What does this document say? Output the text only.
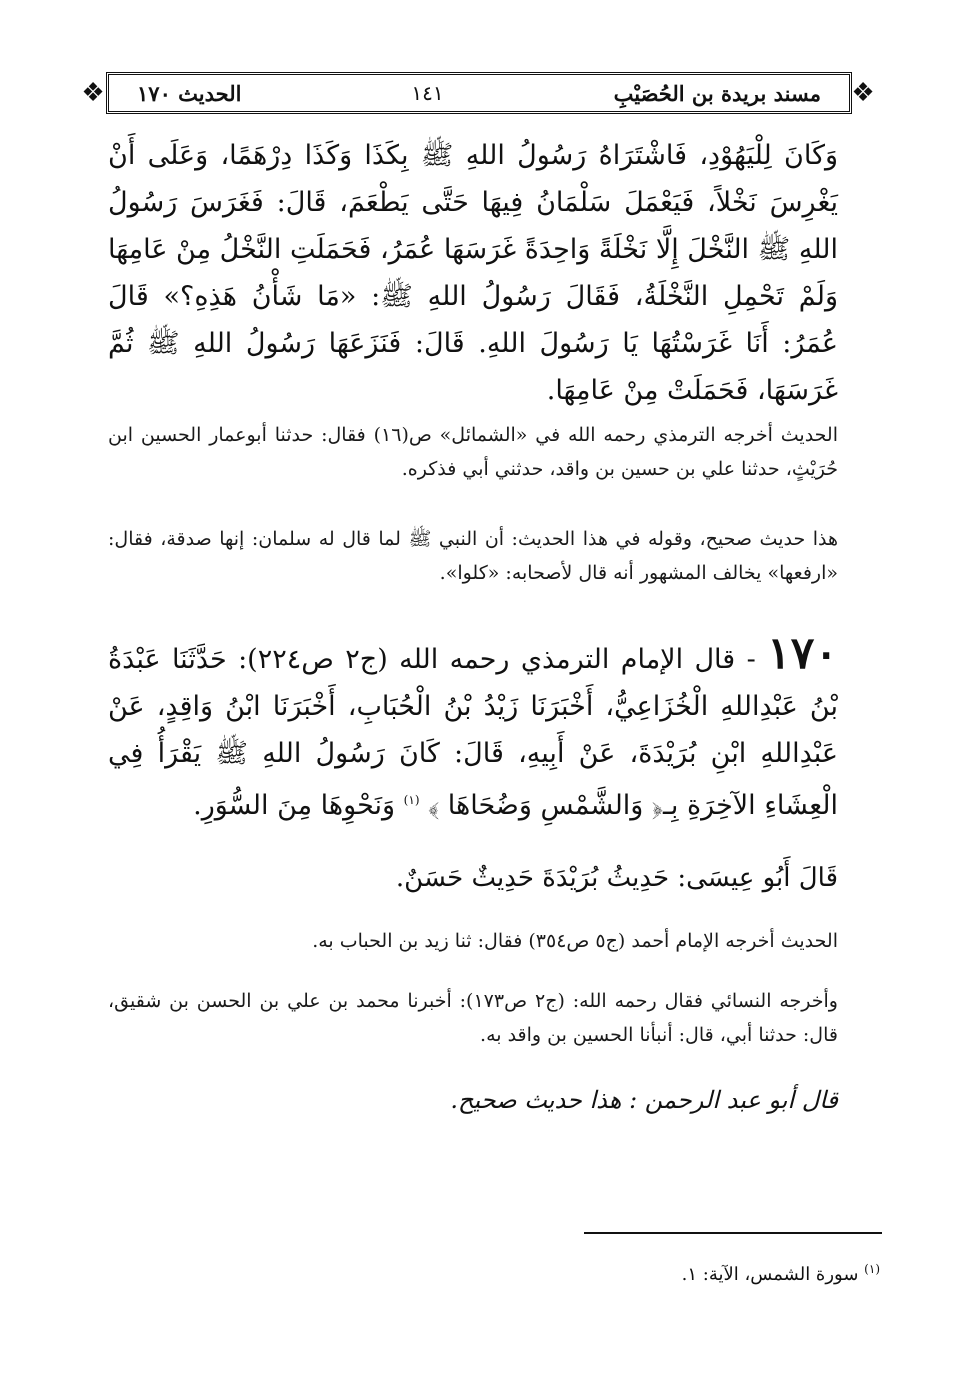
❖	❖
مسند بريدة بن الحُصَيْبِ
١٤١
الحديث ١٧٠
وَكَانَ لِلْيَهُوْدِ، فَاشْتَرَاهُ رَسُولُ اللهِ ﷺ بِكَذَا وَكَذَا دِرْهَمًا، وَعَلَى أَنْ يَغْرِسَ نَخْلاً، فَيَعْمَلَ سَلْمَانُ فِيهَا حَتَّى يَطْعَمَ، قَالَ: فَغَرَسَ رَسُولُ اللهِ ﷺ النَّخْلَ إِلَّا نَخْلَةً وَاحِدَةً غَرَسَهَا عُمَرُ، فَحَمَلَتِ النَّخْلُ مِنْ عَامِهَا وَلَمْ تَحْمِلِ النَّخْلَةُ، فَقَالَ رَسُولُ اللهِ ﷺ: «مَا شَأْنُ هَذِهِ؟» قَالَ عُمَرُ: أَنَا غَرَسْتُهَا يَا رَسُولَ اللهِ. قَالَ: فَنَزَعَهَا رَسُولُ اللهِ ﷺ ثُمَّ غَرَسَهَا، فَحَمَلَتْ مِنْ عَامِهَا.
الحديث أخرجه الترمذي رحمه الله في «الشمائل» ص(١٦) فقال: حدثنا أبوعمار الحسين ابن حُرَيْثٍ، حدثنا علي بن حسين بن واقد، حدثني أبي فذكره.
هذا حديث صحيح، وقوله في هذا الحديث: أن النبي ﷺ لما قال له سلمان: إنها صدقة، فقال: «ارفعها» يخالف المشهور أنه قال لأصحابه: «كلوا».
١٧٠ - قال الإمام الترمذي رحمه الله (ج٢ ص٢٢٤): حَدَّثَنَا عَبْدَةُ بْنُ عَبْدِاللهِ الْخُزَاعِيُّ، أَخْبَرَنَا زَيْدُ بْنُ الْحُبَابِ، أَخْبَرَنَا ابْنُ وَاقِدٍ، عَنْ عَبْدِاللهِ ابْنِ بُرَيْدَةَ، عَنْ أَبِيهِ، قَالَ: كَانَ رَسُولُ اللهِ ﷺ يَقْرَأُ فِي الْعِشَاءِ الآخِرَةِ بِـ﴿ وَالشَّمْسِ وَضُحَاهَا ﴾ $^{(١)}$ وَنَحْوِهَا مِنَ السُّوَرِ.
قَالَ أَبُو عِيسَى: حَدِيثُ بُرَيْدَةَ حَدِيثٌ حَسَنٌ.
الحديث أخرجه الإمام أحمد (ج٥ ص٣٥٤) فقال: ثنا زيد بن الحباب به.
وأخرجه النسائي فقال رحمه الله: (ج٢ ص١٧٣): أخبرنا محمد بن علي بن الحسن بن شقيق، قال: حدثنا أبي، قال: أنبأنا الحسين بن واقد به.
قال أبو عبد الرحمن : هذا حديث صحيح.
$^{(١)}$ سورة الشمس، الآية: ١.
